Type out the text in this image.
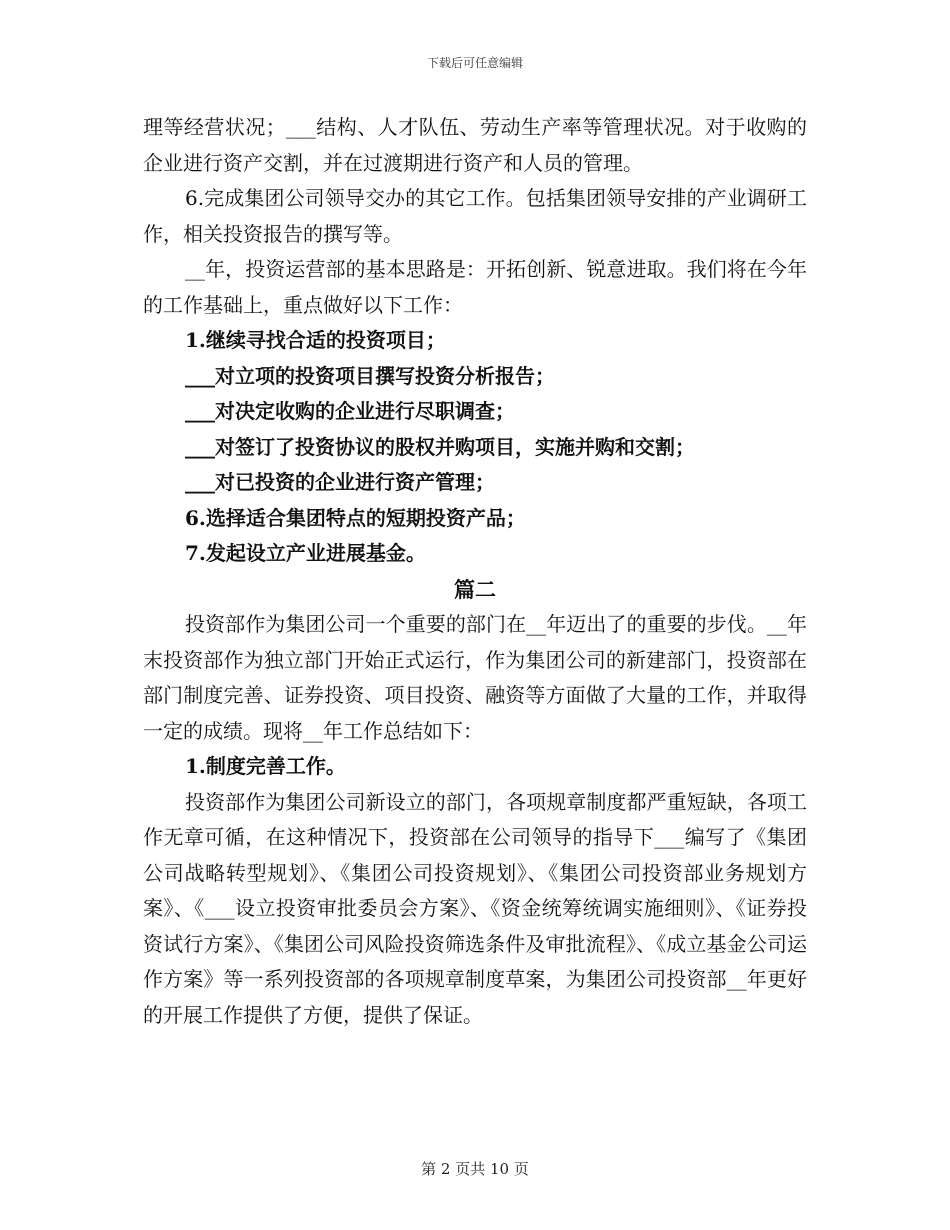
下载后可任意编辑

理等经营状况；___结构、人才队伍、劳动生产率等管理状况。对于收购的企业进行资产交割，并在过渡期进行资产和人员的管理。

6.完成集团公司领导交办的其它工作。包括集团领导安排的产业调研工作，相关投资报告的撰写等。

__年，投资运营部的基本思路是：开拓创新、锐意进取。我们将在今年的工作基础上，重点做好以下工作：

1.继续寻找合适的投资项目；

___对立项的投资项目撰写投资分析报告；

___对决定收购的企业进行尽职调查；

___对签订了投资协议的股权并购项目，实施并购和交割；

___对已投资的企业进行资产管理；

6.选择适合集团特点的短期投资产品；

7.发起设立产业进展基金。

篇二

投资部作为集团公司一个重要的部门在__年迈出了的重要的步伐。__年末投资部作为独立部门开始正式运行，作为集团公司的新建部门，投资部在部门制度完善、证券投资、项目投资、融资等方面做了大量的工作，并取得一定的成绩。现将__年工作总结如下：

1.制度完善工作。

投资部作为集团公司新设立的部门，各项规章制度都严重短缺，各项工作无章可循，在这种情况下，投资部在公司领导的指导下___编写了《集团公司战略转型规划》、《集团公司投资规划》、《集团公司投资部业务规划方案》、《___设立投资审批委员会方案》、《资金统筹统调实施细则》、《证券投资试行方案》、《集团公司风险投资筛选条件及审批流程》、《成立基金公司运作方案》等一系列投资部的各项规章制度草案，为集团公司投资部__年更好的开展工作提供了方便，提供了保证。

第 2 页共 10 页
